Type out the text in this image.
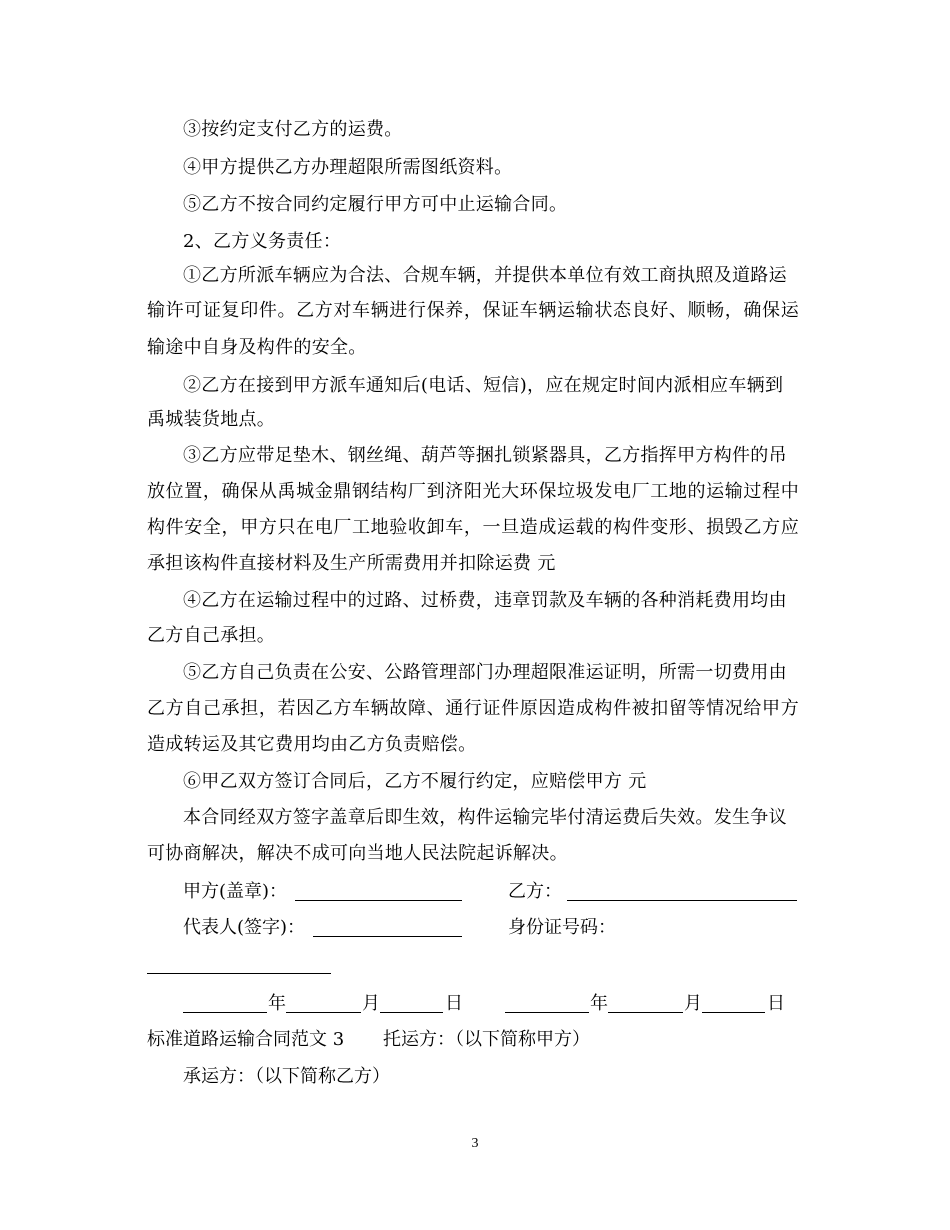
③按约定支付乙方的运费。
④甲方提供乙方办理超限所需图纸资料。
⑤乙方不按合同约定履行甲方可中止运输合同。
2、乙方义务责任：
①乙方所派车辆应为合法、合规车辆，并提供本单位有效工商执照及道路运
输许可证复印件。乙方对车辆进行保养，保证车辆运输状态良好、顺畅，确保运
输途中自身及构件的安全。
②乙方在接到甲方派车通知后(电话、短信)，应在规定时间内派相应车辆到
禹城装货地点。
③乙方应带足垫木、钢丝绳、葫芦等捆扎锁紧器具，乙方指挥甲方构件的吊
放位置，确保从禹城金鼎钢结构厂到济阳光大环保垃圾发电厂工地的运输过程中
构件安全，甲方只在电厂工地验收卸车，一旦造成运载的构件变形、损毁乙方应
承担该构件直接材料及生产所需费用并扣除运费 元
④乙方在运输过程中的过路、过桥费，违章罚款及车辆的各种消耗费用均由
乙方自己承担。
⑤乙方自己负责在公安、公路管理部门办理超限准运证明，所需一切费用由
乙方自己承担，若因乙方车辆故障、通行证件原因造成构件被扣留等情况给甲方
造成转运及其它费用均由乙方负责赔偿。
⑥甲乙双方签订合同后，乙方不履行约定，应赔偿甲方 元
本合同经双方签字盖章后即生效，构件运输完毕付清运费后失效。发生争议
可协商解决，解决不成可向当地人民法院起诉解决。
甲方(盖章)：	乙方：
代表人(签字)：	身份证号码：
年	月	日	年	月	日
标准道路运输合同范文 3 托运方：（以下简称甲方）
承运方：（以下简称乙方）
3
